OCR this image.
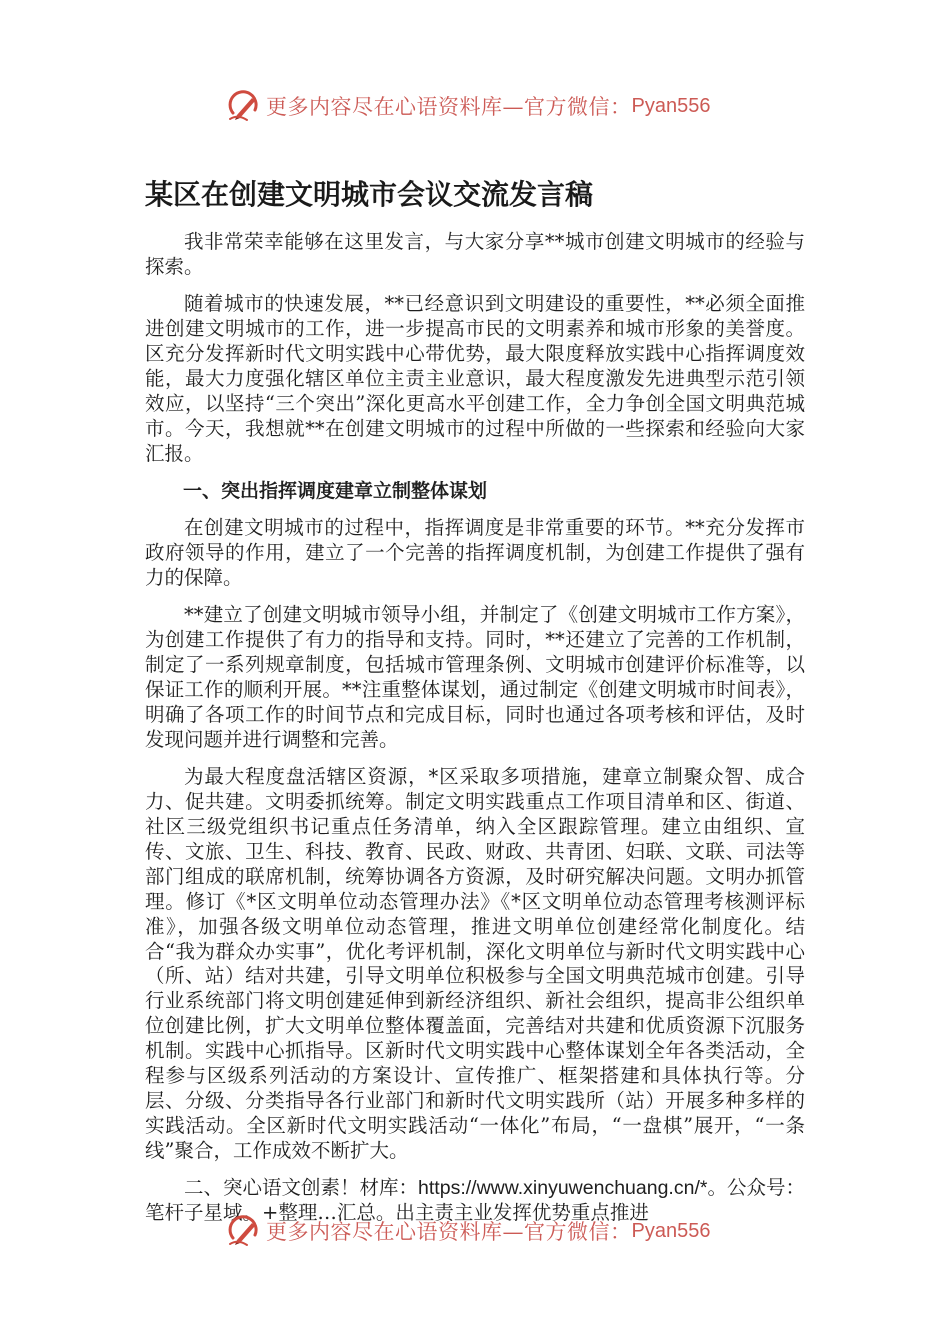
更多内容尽在心语资料库—官方微信： Pyan556
某区在创建文明城市会议交流发言稿

我非常荣幸能够在这里发言，与大家分享**城市创建文明城市的经验与探索。

随着城市的快速发展，**已经意识到文明建设的重要性，**必须全面推进创建文明城市的工作，进一步提高市民的文明素养和城市形象的美誉度。区充分发挥新时代文明实践中心带优势，最大限度释放实践中心指挥调度效能，最大力度强化辖区单位主责主业意识，最大程度激发先进典型示范引领效应，以坚持“三个突出”深化更高水平创建工作，全力争创全国文明典范城市。今天，我想就**在创建文明城市的过程中所做的一些探索和经验向大家汇报。

一、突出指挥调度建章立制整体谋划

在创建文明城市的过程中，指挥调度是非常重要的环节。**充分发挥市政府领导的作用，建立了一个完善的指挥调度机制，为创建工作提供了强有力的保障。

**建立了创建文明城市领导小组，并制定了《创建文明城市工作方案》，为创建工作提供了有力的指导和支持。同时，**还建立了完善的工作机制，制定了一系列规章制度，包括城市管理条例、文明城市创建评价标准等，以保证工作的顺利开展。**注重整体谋划，通过制定《创建文明城市时间表》，明确了各项工作的时间节点和完成目标，同时也通过各项考核和评估，及时发现问题并进行调整和完善。

为最大程度盘活辖区资源，*区采取多项措施，建章立制聚众智、成合力、促共建。文明委抓统筹。制定文明实践重点工作项目清单和区、街道、社区三级党组织书记重点任务清单，纳入全区跟踪管理。建立由组织、宣传、文旅、卫生、科技、教育、民政、财政、共青团、妇联、文联、司法等部门组成的联席机制，统筹协调各方资源，及时研究解决问题。文明办抓管理。修订《*区文明单位动态管理办法》《*区文明单位动态管理考核测评标准》，加强各级文明单位动态管理，推进文明单位创建经常化制度化。结合“我为群众办实事”，优化考评机制，深化文明单位与新时代文明实践中心（所、站）结对共建，引导文明单位积极参与全国文明典范城市创建。引导行业系统部门将文明创建延伸到新经济组织、新社会组织，提高非公组织单位创建比例，扩大文明单位整体覆盖面，完善结对共建和优质资源下沉服务机制。实践中心抓指导。区新时代文明实践中心整体谋划全年各类活动，全程参与区级系列活动的方案设计、宣传推广、框架搭建和具体执行等。分层、分级、分类指导各行业部门和新时代文明实践所（站）开展多种多样的实践活动。全区新时代文明实践活动“一体化”布局，“一盘棋”展开，“一条线”聚合，工作成效不断扩大。

二、突心语文创素！材库：https://www.xinyuwenchuang.cn/*。公众号：笔杆子星域。+整理…汇总。出主责主业发挥优势重点推进

更多内容尽在心语资料库—官方微信： Pyan556
